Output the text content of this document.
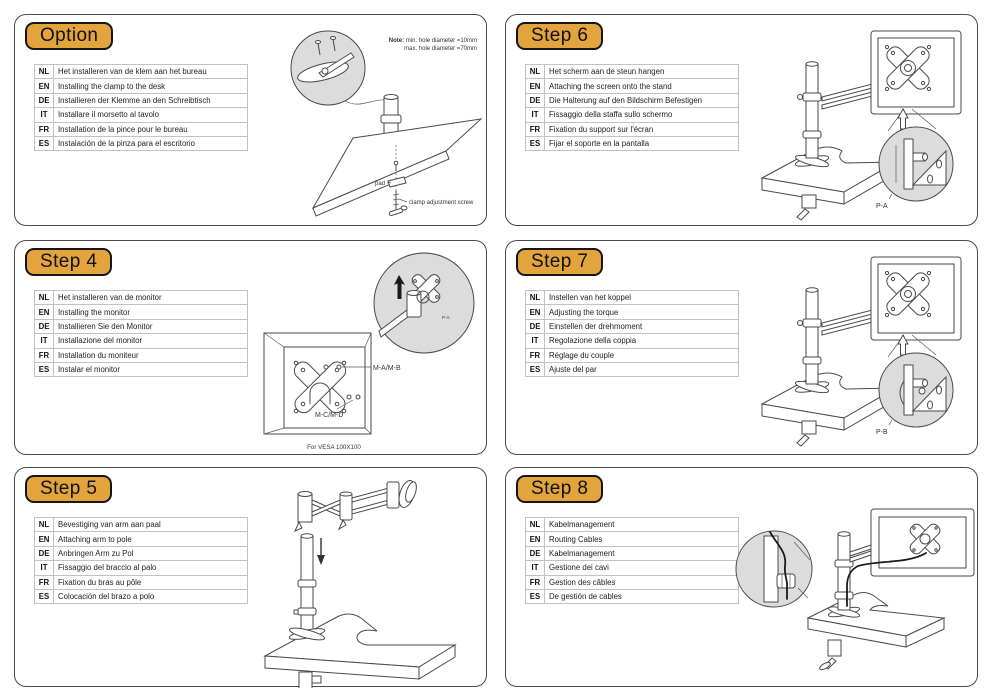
Option
NL	Het installeren van de klem aan het bureau
EN	Installing the clamp to the desk
DE	Installieren der Klemme an den Schreibtisch
IT	Installare il morsetto al tavolo
FR	Installation de la pince pour le bureau
ES	Instalación de la pinza para el escritorio
Note: min. hole diameter =10mm
max. hole diameter =70mm
pad
clamp adjustment screw
Step 6
NL	Het scherm aan de steun hangen
EN	Attaching the screen onto the stand
DE	Die Halterung auf den Bildschirm Befestigen
IT	Fissaggio della staffa sullo schermo
FR	Fixation du support sur l'écran
ES	Fijar el soporte en la pantalla
P-A
Step 4
NL	Het installeren van de monitor
EN	Installing the monitor
DE	Installieren Sie den Monitor
IT	Installazione del monitor
FR	Installation du moniteur
ES	Instalar el monitor
P-A
M-A/M-B
M-C/M-D
For VESA 100X100
Step 7
NL	Instellen van het koppel
EN	Adjusting the torque
DE	Einstellen der drehmoment
IT	Regolazione della coppia
FR	Réglage du couple
ES	Ajuste del par
P-B
Step 5
NL	Bevestiging van arm aan paal
EN	Attaching arm to pole
DE	Anbringen Arm zu Pol
IT	Fissaggio del braccio al palo
FR	Fixation du bras au pôle
ES	Colocación del brazo a polo
Step 8
NL	Kabelmanagement
EN	Routing Cables
DE	Kabelmanagement
IT	Gestione dei cavi
FR	Gestion des câbles
ES	De gestión de cables
